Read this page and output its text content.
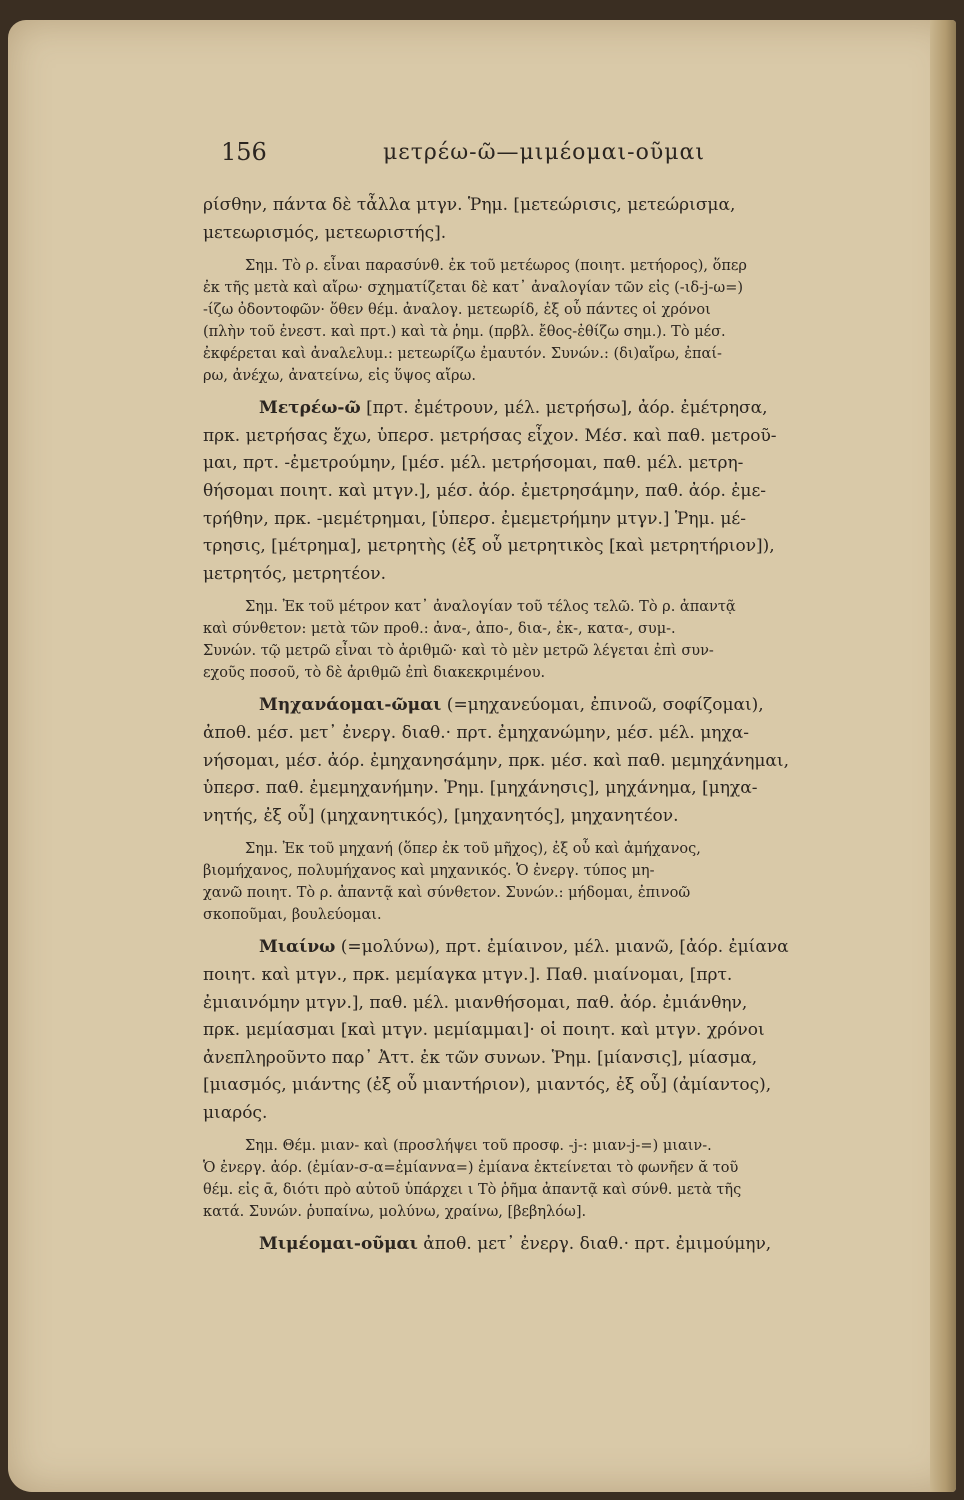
156	μετρέω-ῶ—μιμέομαι-οῦμαι
ρίσθην, πάντα δὲ τἆλλα μτγν. Ῥημ. [μετεώρισις, μετεώρισμα,
μετεωρισμός, μετεωριστής].
Σημ. Τὸ ρ. εἶναι παρασύνθ. ἐκ τοῦ μετέωρος (ποιητ. μετήορος), ὅπερ
ἐκ τῆς μετὰ καὶ αἴρω· σχηματίζεται δὲ κατ᾽ ἀναλογίαν τῶν εἰς (-ιδ-j-ω=)
-ίζω ὀδοντοφῶν· ὅθεν θέμ. ἀναλογ. μετεωρίδ, ἐξ οὗ πάντες οἱ χρόνοι
(πλὴν τοῦ ἐνεστ. καὶ πρτ.) καὶ τὰ ῥημ. (πρβλ. ἔθος-ἐθίζω σημ.). Τὸ μέσ.
ἐκφέρεται καὶ ἀναλελυμ.: μετεωρίζω ἐμαυτόν. Συνών.: (δι)αἴρω, ἐπαί-
ρω, ἀνέχω, ἀνατείνω, εἰς ὕψος αἴρω.
Μετρέω-ῶ [πρτ. ἐμέτρουν, μέλ. μετρήσω], ἀόρ. ἐμέτρησα,
πρκ. μετρήσας ἔχω, ὑπερσ. μετρήσας εἶχον. Μέσ. καὶ παθ. μετροῦ-
μαι, πρτ. -ἐμετρούμην, [μέσ. μέλ. μετρήσομαι, παθ. μέλ. μετρη-
θήσομαι ποιητ. καὶ μτγν.], μέσ. ἀόρ. ἐμετρησάμην, παθ. ἀόρ. ἐμε-
τρήθην, πρκ. -μεμέτρημαι, [ὑπερσ. ἐμεμετρήμην μτγν.] Ῥημ. μέ-
τρησις, [μέτρημα], μετρητὴς (ἐξ οὗ μετρητικὸς [καὶ μετρητήριον]),
μετρητός, μετρητέον.
Σημ. Ἐκ τοῦ μέτρον κατ᾽ ἀναλογίαν τοῦ τέλος τελῶ. Τὸ ρ. ἀπαντᾷ
καὶ σύνθετον: μετὰ τῶν προθ.: ἀνα-, ἀπο-, δια-, ἐκ-, κατα-, συμ-.
Συνών. τῷ μετρῶ εἶναι τὸ ἀριθμῶ· καὶ τὸ μὲν μετρῶ λέγεται ἐπὶ συν-
εχοῦς ποσοῦ, τὸ δὲ ἀριθμῶ ἐπὶ διακεκριμένου.
Μηχανάομαι-ῶμαι (=μηχανεύομαι, ἐπινοῶ, σοφίζομαι),
ἀποθ. μέσ. μετ᾽ ἐνεργ. διαθ.· πρτ. ἐμηχανώμην, μέσ. μέλ. μηχα-
νήσομαι, μέσ. ἀόρ. ἐμηχανησάμην, πρκ. μέσ. καὶ παθ. μεμηχάνημαι,
ὑπερσ. παθ. ἐμεμηχανήμην. Ῥημ. [μηχάνησις], μηχάνημα, [μηχα-
νητής, ἐξ οὗ] (μηχανητικός), [μηχανητός], μηχανητέον.
Σημ. Ἐκ τοῦ μηχανή (ὅπερ ἐκ τοῦ μῆχος), ἐξ οὗ καὶ ἀμήχανος,
βιομήχανος, πολυμήχανος καὶ μηχανικός. Ὁ ἐνεργ. τύπος μη-
χανῶ ποιητ. Τὸ ρ. ἀπαντᾷ καὶ σύνθετον. Συνών.: μήδομαι, ἐπινοῶ
σκοποῦμαι, βουλεύομαι.
Μιαίνω (=μολύνω), πρτ. ἐμίαινον, μέλ. μιανῶ, [ἀόρ. ἐμίανα
ποιητ. καὶ μτγν., πρκ. μεμίαγκα μτγν.]. Παθ. μιαίνομαι, [πρτ.
ἐμιαινόμην μτγν.], παθ. μέλ. μιανθήσομαι, παθ. ἀόρ. ἐμιάνθην,
πρκ. μεμίασμαι [καὶ μτγν. μεμίαμμαι]· οἱ ποιητ. καὶ μτγν. χρόνοι
ἀνεπληροῦντο παρ᾽ Ἀττ. ἐκ τῶν συνων. Ῥημ. [μίανσις], μίασμα,
[μιασμός, μιάντης (ἐξ οὗ μιαντήριον), μιαντός, ἐξ οὗ] (ἀμίαντος),
μιαρός.
Σημ. Θέμ. μιαν- καὶ (προσλήψει τοῦ προσφ. -j-: μιαν-j-=) μιαιν-.
Ὁ ἐνεργ. ἀόρ. (ἐμίαν-σ-α=ἐμίαννα=) ἐμίανα ἐκτείνεται τὸ φωνῆεν ᾰ τοῦ
θέμ. εἰς ᾱ, διότι πρὸ αὐτοῦ ὑπάρχει ι Τὸ ῥῆμα ἀπαντᾷ καὶ σύνθ. μετὰ τῆς
κατά. Συνών. ῥυπαίνω, μολύνω, χραίνω, [βεβηλόω].
Μιμέομαι-οῦμαι ἀποθ. μετ᾽ ἐνεργ. διαθ.· πρτ. ἐμιμούμην,
